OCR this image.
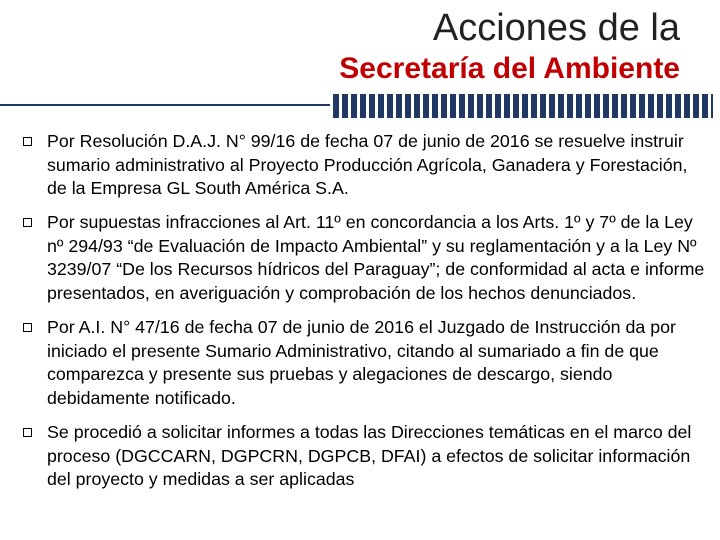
Acciones de la
Secretaría del Ambiente
Por Resolución D.A.J. N° 99/16 de fecha 07 de junio de 2016 se resuelve instruir sumario administrativo al Proyecto Producción Agrícola, Ganadera y Forestación, de la Empresa GL South América S.A.
Por supuestas infracciones al Art. 11º en concordancia a los Arts. 1º y 7º de la Ley nº 294/93 “de Evaluación de Impacto Ambiental” y su reglamentación y a la Ley Nº 3239/07 “De los Recursos hídricos del Paraguay”; de conformidad al acta e informe presentados, en averiguación y comprobación de los hechos denunciados.
Por A.I. N° 47/16 de fecha 07 de junio de 2016 el Juzgado de Instrucción da por iniciado el presente Sumario Administrativo, citando al sumariado a fin de que comparezca y presente sus pruebas y alegaciones de descargo, siendo debidamente notificado.
Se procedió a solicitar informes a todas las Direcciones temáticas en el marco del proceso (DGCCARN, DGPCRN, DGPCB, DFAI) a efectos de solicitar información del proyecto y medidas a ser aplicadas
